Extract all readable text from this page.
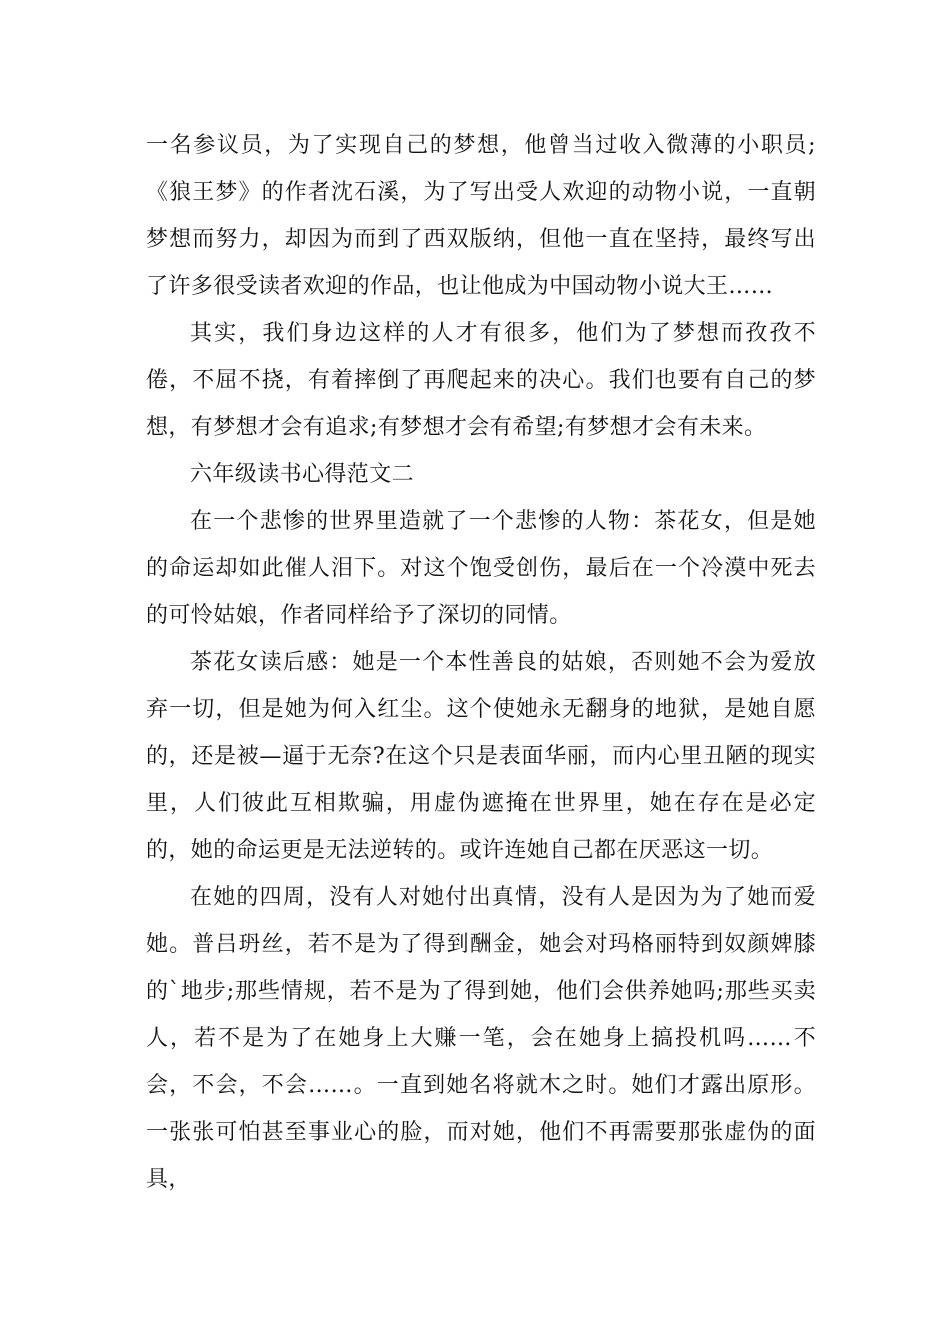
一名参议员，为了实现自己的梦想，他曾当过收入微薄的小职员;《狼王梦》的作者沈石溪，为了写出受人欢迎的动物小说，一直朝梦想而努力，却因为而到了西双版纳，但他一直在坚持，最终写出了许多很受读者欢迎的作品，也让他成为中国动物小说大王……

其实，我们身边这样的人才有很多，他们为了梦想而孜孜不倦，不屈不挠，有着摔倒了再爬起来的决心。我们也要有自己的梦想，有梦想才会有追求;有梦想才会有希望;有梦想才会有未来。

六年级读书心得范文二

在一个悲惨的世界里造就了一个悲惨的人物：茶花女，但是她的命运却如此催人泪下。对这个饱受创伤，最后在一个冷漠中死去的可怜姑娘，作者同样给予了深切的同情。

茶花女读后感：她是一个本性善良的姑娘，否则她不会为爱放弃一切，但是她为何入红尘。这个使她永无翻身的地狱，是她自愿的，还是被—逼于无奈?在这个只是表面华丽，而内心里丑陋的现实里，人们彼此互相欺骗，用虚伪遮掩在世界里，她在存在是必定的，她的命运更是无法逆转的。或许连她自己都在厌恶这一切。

在她的四周，没有人对她付出真情，没有人是因为为了她而爱她。普吕玬丝，若不是为了得到酬金，她会对玛格丽特到奴颜婢膝的`地步;那些情规，若不是为了得到她，他们会供养她吗;那些买卖人，若不是为了在她身上大赚一笔，会在她身上搞投机吗……不会，不会，不会……。一直到她名将就木之时。她们才露出原形。一张张可怕甚至事业心的脸，而对她，他们不再需要那张虚伪的面具，
